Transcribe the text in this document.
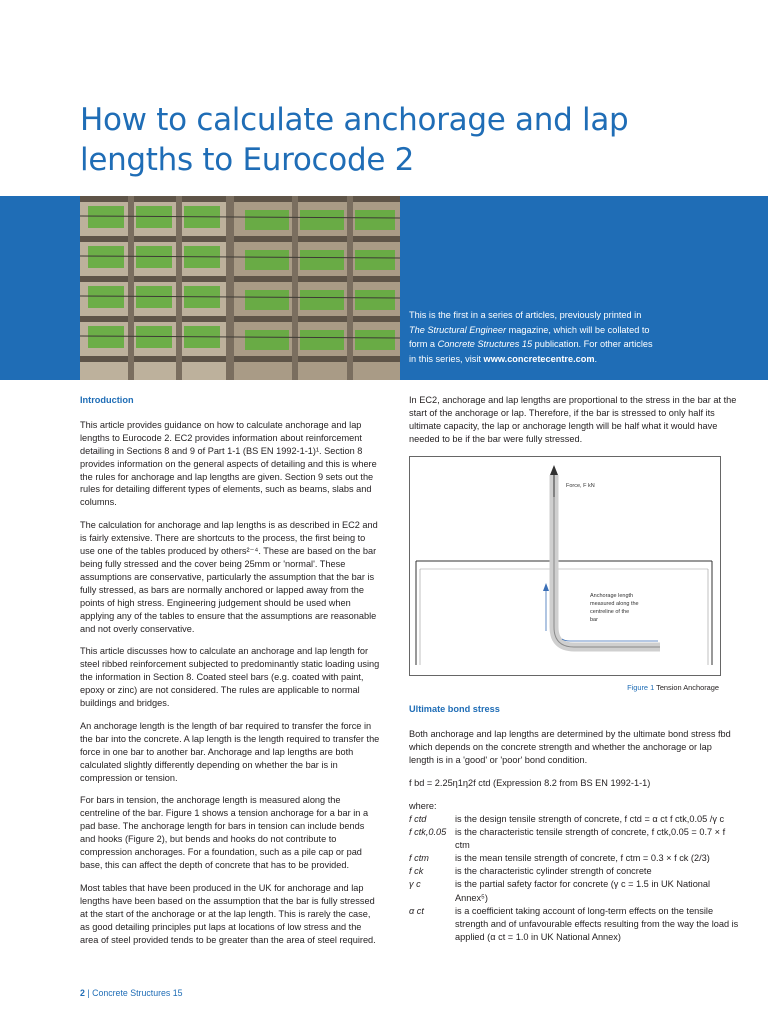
How to calculate anchorage and lap lengths to Eurocode 2
This is the first in a series of articles, previously printed in
The Structural Engineer magazine, which will be collated to
form a Concrete Structures 15 publication. For other articles
in this series, visit www.concretecentre.com.
Introduction

This article provides guidance on how to calculate anchorage and lap lengths to Eurocode 2. EC2 provides information about reinforcement detailing in Sections 8 and 9 of Part 1-1 (BS EN 1992-1-1)¹. Section 8 provides information on the general aspects of detailing and this is where the rules for anchorage and lap lengths are given. Section 9 sets out the rules for detailing different types of elements, such as beams, slabs and columns.

The calculation for anchorage and lap lengths is as described in EC2 and is fairly extensive. There are shortcuts to the process, the first being to use one of the tables produced by others²⁻⁴. These are based on the bar being fully stressed and the cover being 25mm or 'normal'. These assumptions are conservative, particularly the assumption that the bar is fully stressed, as bars are normally anchored or lapped away from the points of high stress. Engineering judgement should be used when applying any of the tables to ensure that the assumptions are reasonable and not overly conservative.

This article discusses how to calculate an anchorage and lap length for steel ribbed reinforcement subjected to predominantly static loading using the information in Section 8. Coated steel bars (e.g. coated with paint, epoxy or zinc) are not considered. The rules are applicable to normal buildings and bridges.

An anchorage length is the length of bar required to transfer the force in the bar into the concrete. A lap length is the length required to transfer the force in one bar to another bar. Anchorage and lap lengths are both calculated slightly differently depending on whether the bar is in compression or tension.

For bars in tension, the anchorage length is measured along the centreline of the bar. Figure 1 shows a tension anchorage for a bar in a pad base. The anchorage length for bars in tension can include bends and hooks (Figure 2), but bends and hooks do not contribute to compression anchorages. For a foundation, such as a pile cap or pad base, this can affect the depth of concrete that has to be provided.

Most tables that have been produced in the UK for anchorage and lap lengths have been based on the assumption that the bar is fully stressed at the start of the anchorage or at the lap length. This is rarely the case, as good detailing principles put laps at locations of low stress and the area of steel provided tends to be greater than the area of steel required.

In EC2, anchorage and lap lengths are proportional to the stress in the bar at the start of the anchorage or lap. Therefore, if the bar is stressed to only half its ultimate capacity, the lap or anchorage length will be half what it would have needed to be if the bar were fully stressed.

Force, F kN
Anchorage length
measured along the
centreline of the
bar
Figure 1 Tension Anchorage
Ultimate bond stress
Both anchorage and lap lengths are determined by the ultimate bond stress fbd which depends on the concrete strength and whether the anchorage or lap length is in a 'good' or 'poor' bond condition.
f bd = 2.25η1η2f ctd (Expression 8.2 from BS EN 1992-1-1)
where:
f ctd	is the design tensile strength of concrete, f ctd = α ct f ctk,0.05 /γ c
f ctk,0.05 is the characteristic tensile strength of concrete, f ctk,0.05 = 0.7 × f ctm
f ctm	is the mean tensile strength of concrete, f ctm = 0.3 × f ck (2/3)
f ck	is the characteristic cylinder strength of concrete
γ c	is the partial safety factor for concrete (γ c = 1.5 in UK National Annex⁵)
α ct	is a coefficient taking account of long-term effects on the tensile strength and of unfavourable effects resulting from the way the load is applied (α ct = 1.0 in UK National Annex)
2 | Concrete Structures 15
